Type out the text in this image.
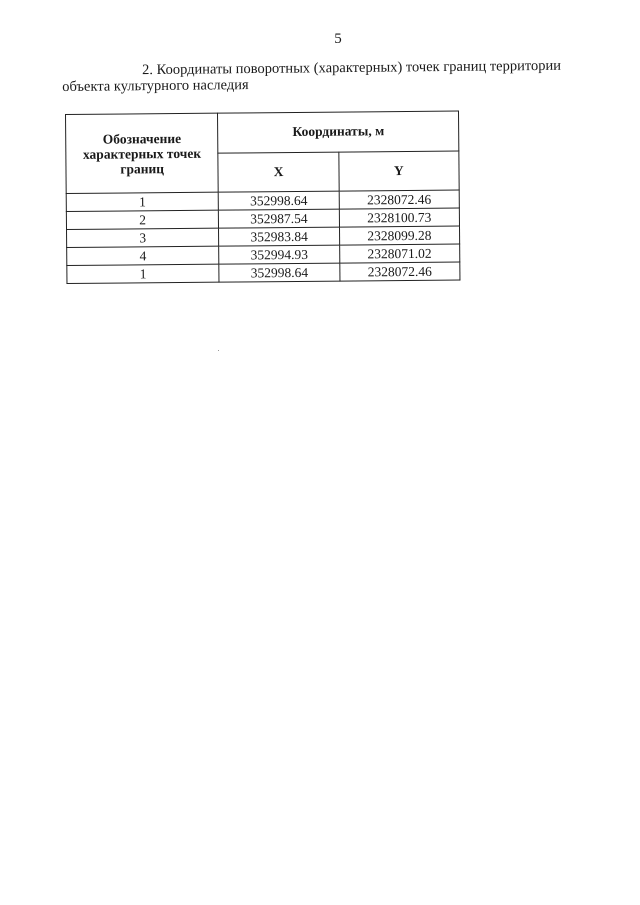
5
2. Координаты поворотных (характерных) точек границ территории
объекта культурного наследия
Обозначение
характерных точек
границ	Координаты, м	
	X	Y
1	352998.64	2328072.46
2	352987.54	2328100.73
3	352983.84	2328099.28
4	352994.93	2328071.02
1	352998.64	2328072.46
